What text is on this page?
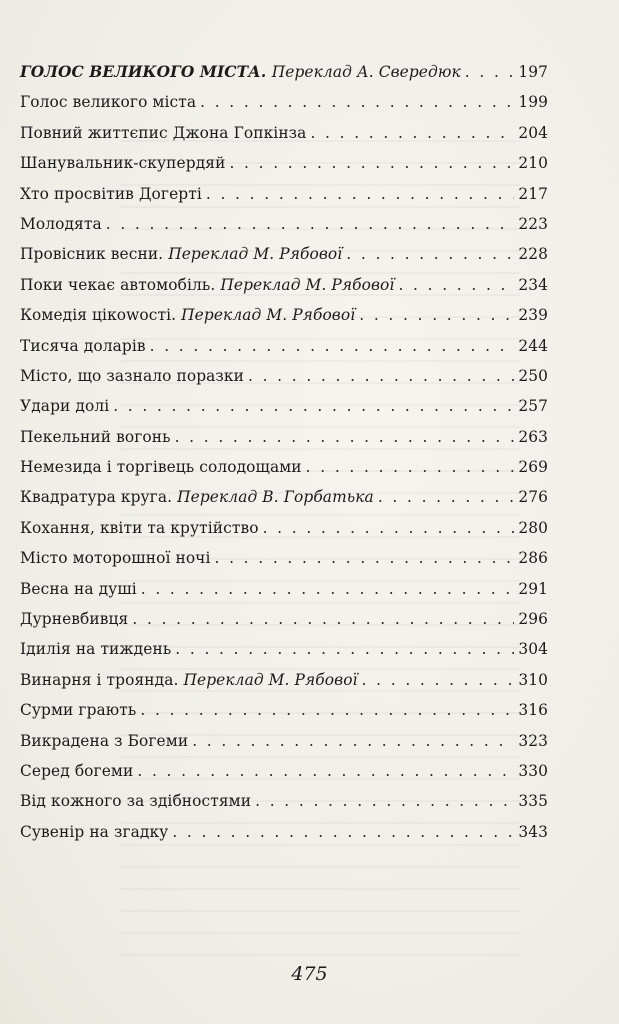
ГОЛОС ВЕЛИКОГО МІСТА. Переклад А. Свередюк . . .	197
Голос великого міста . . .	199
Повний життєпис Джона Гопкінза . . .	204
Шанувальник-скупердяй . . .	210
Хто просвітив Догерті . . .	217
Молодята . . .	223
Провісник весни. Переклад М. Рябової . . .	228
Поки чекає автомобіль. Переклад М. Рябової . . .	234
Комедія цікowості. Переклад М. Рябової . . .	239
Тисяча доларів . . .	244
Місто, що зазнало поразки . . .	250
Удари долі . . .	257
Пекельний вогонь . . .	263
Немезида і торгівець солодощами . . .	269
Квадратура круга. Переклад В. Горбатька . . .	276
Кохання, квіти та крутійство . . .	280
Місто моторошної ночі . . .	286
Весна на душі . . .	291
Дурневбивця . . .	296
Ідилія на тиждень . . .	304
Винарня і троянда. Переклад М. Рябової . . .	310
Сурми грають . . .	316
Викрадена з Богеми . . .	323
Серед богеми . . .	330
Від кожного за здібностями . . .	335
Сувенір на згадку . . .	343
475
